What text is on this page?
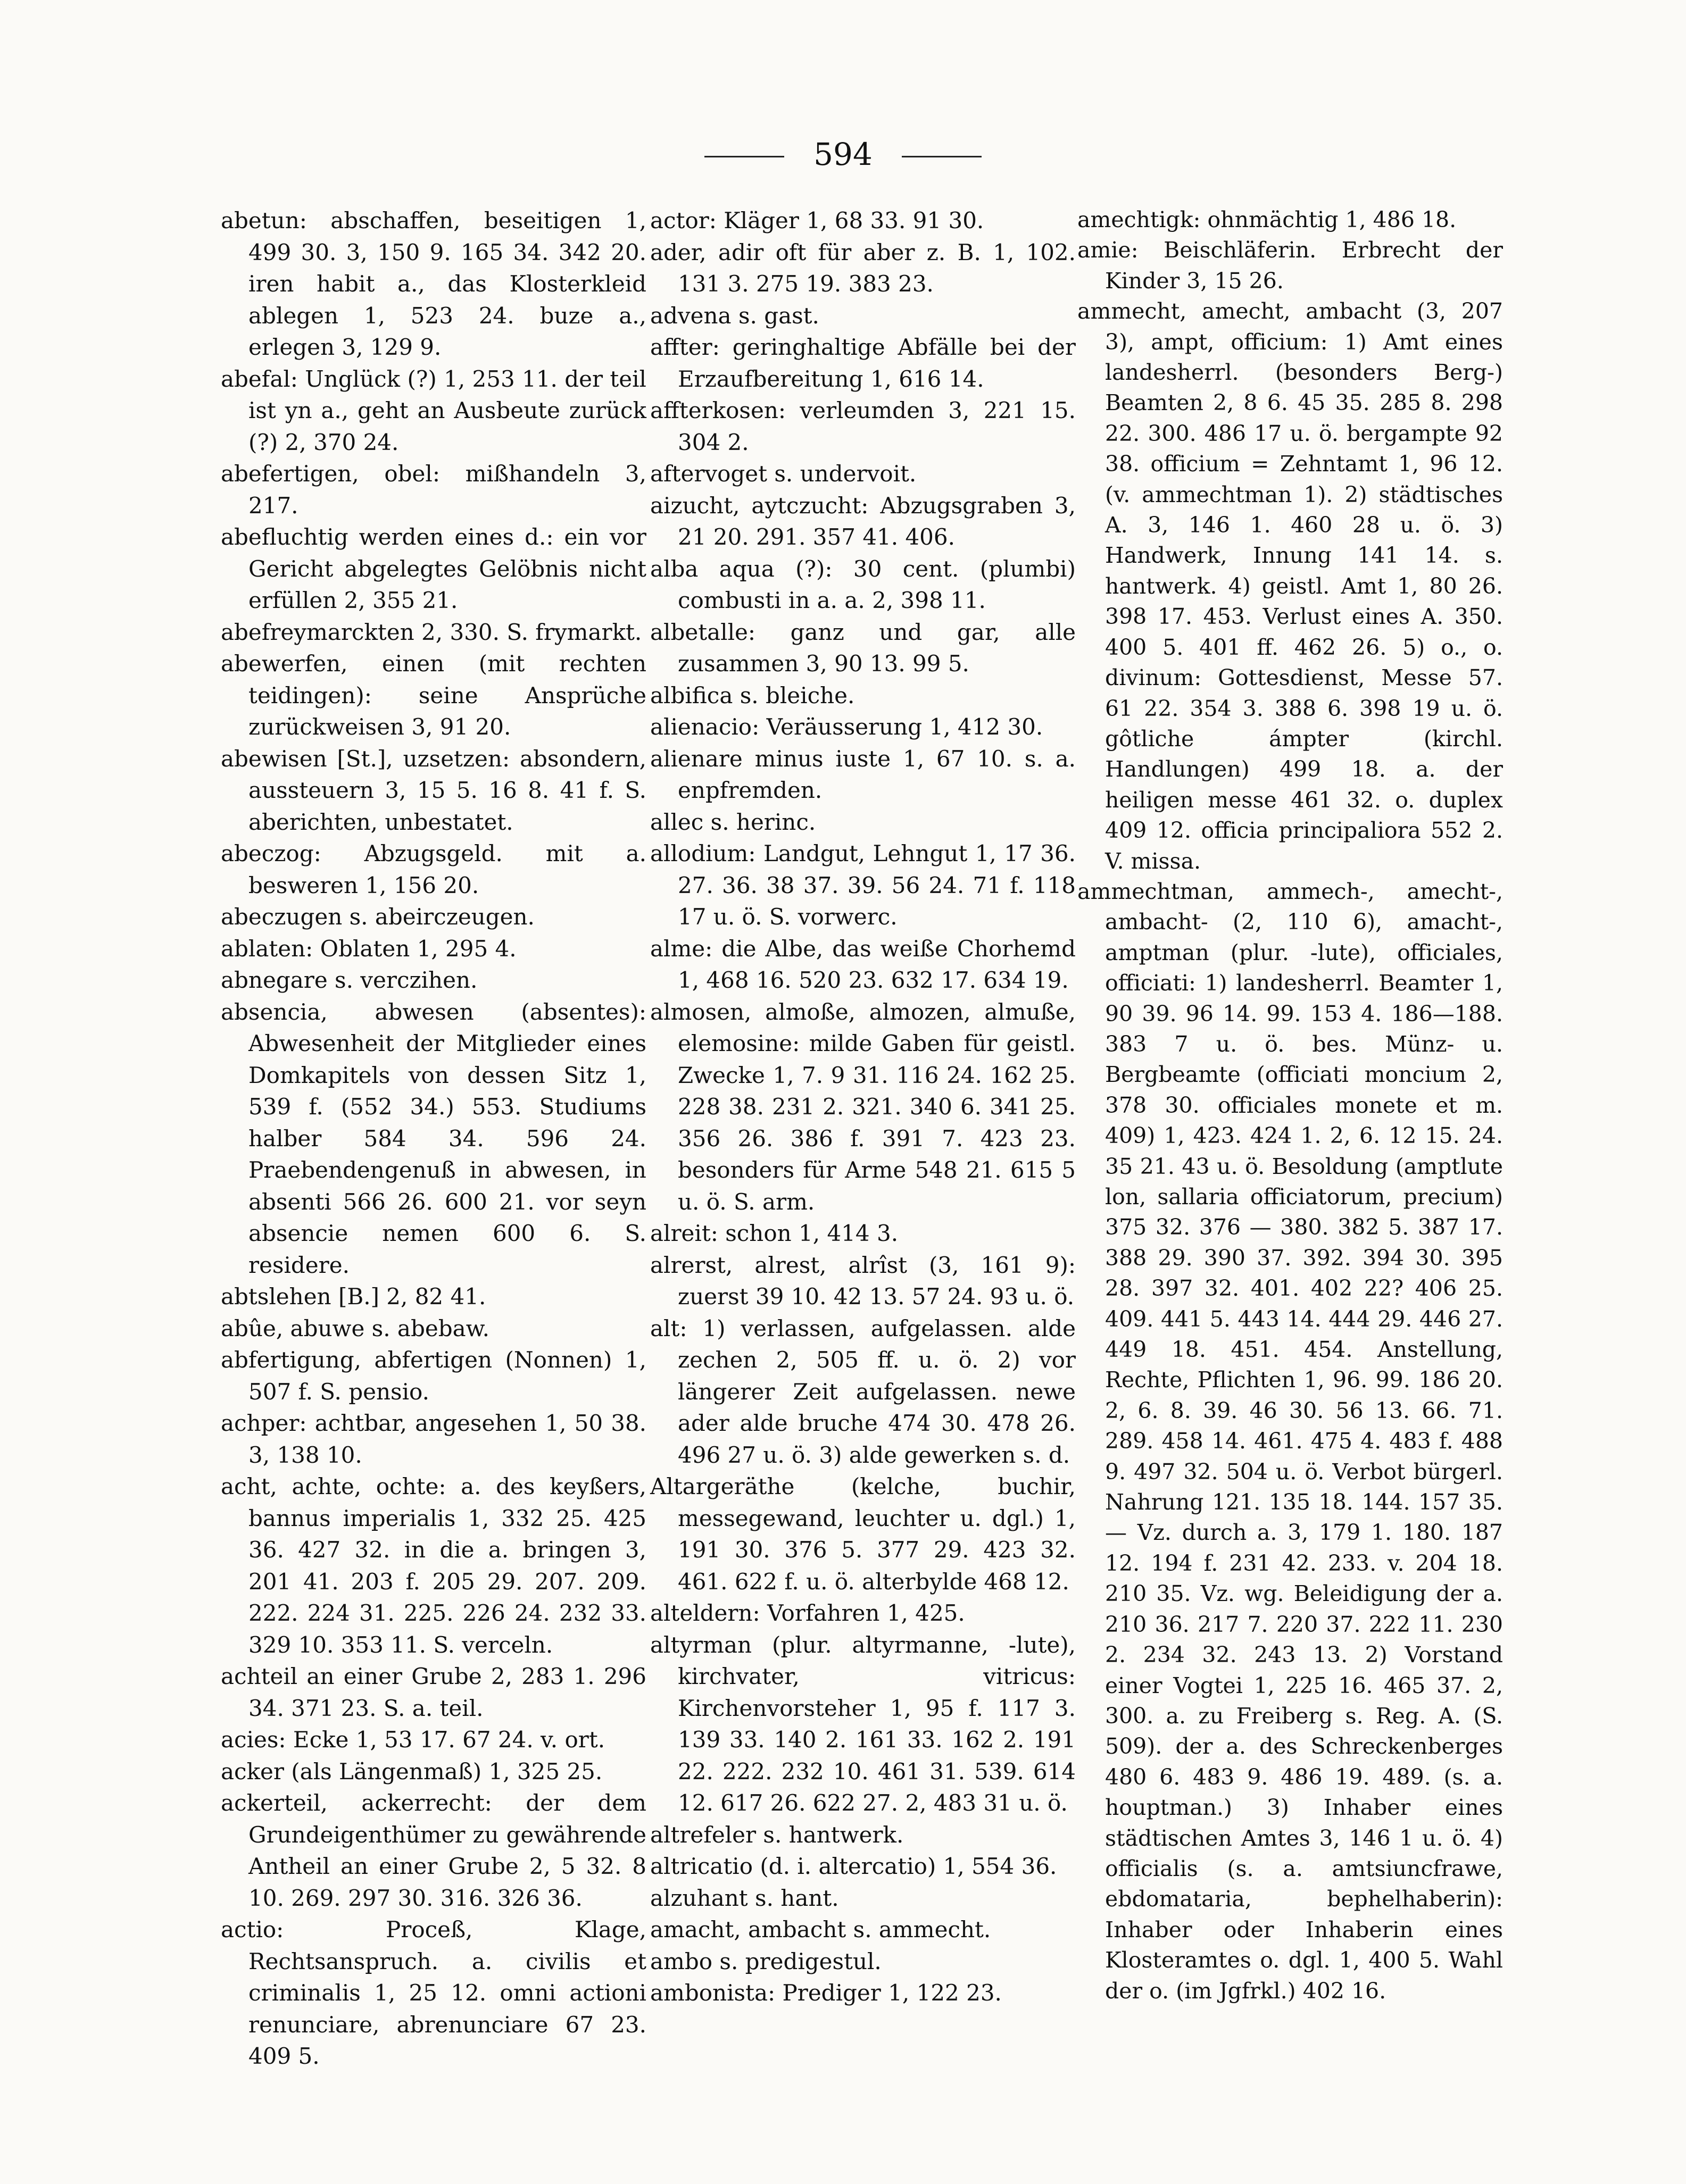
594

abetun: abschaffen, beseitigen 1, 499 30. 3, 150 9. 165 34. 342 20. iren habit a., das Klosterkleid ablegen 1, 523 24. buze a., erlegen 3, 129 9.

abefal: Unglück (?) 1, 253 11. der teil ist yn a., geht an Ausbeute zurück (?) 2, 370 24.

abefertigen, obel: mißhandeln 3, 217.

abefluchtig werden eines d.: ein vor Gericht abgelegtes Gelöbnis nicht erfüllen 2, 355 21.

abefreymarckten 2, 330. S. frymarkt.

abewerfen, einen (mit rechten teidingen): seine Ansprüche zurückweisen 3, 91 20.

abewisen [St.], uzsetzen: absondern, aussteuern 3, 15 5. 16 8. 41 f. S. aberichten, unbestatet.

abeczog: Abzugsgeld. mit a. besweren 1, 156 20.

abeczugen s. abeirczeugen.

ablaten: Oblaten 1, 295 4.

abnegare s. verczihen.

absencia, abwesen (absentes): Abwesenheit der Mitglieder eines Domkapitels von dessen Sitz 1, 539 f. (552 34.) 553. Studiums halber 584 34. 596 24. Praebendengenuß in abwesen, in absenti 566 26. 600 21. vor seyn absencie nemen 600 6. S. residere.

abtslehen [B.] 2, 82 41.

abûe, abuwe s. abebaw.

abfertigung, abfertigen (Nonnen) 1, 507 f. S. pensio.

achper: achtbar, angesehen 1, 50 38. 3, 138 10.

acht, achte, ochte: a. des keyßers, bannus imperialis 1, 332 25. 425 36. 427 32. in die a. bringen 3, 201 41. 203 f. 205 29. 207. 209. 222. 224 31. 225. 226 24. 232 33. 329 10. 353 11. S. verceln.

achteil an einer Grube 2, 283 1. 296 34. 371 23. S. a. teil.

acies: Ecke 1, 53 17. 67 24. v. ort.

acker (als Längenmaß) 1, 325 25.

ackerteil, ackerrecht: der dem Grundeigenthümer zu gewährende Antheil an einer Grube 2, 5 32. 8 10. 269. 297 30. 316. 326 36.

actio: Proceß, Klage, Rechtsanspruch. a. civilis et criminalis 1, 25 12. omni actioni renunciare, abrenunciare 67 23. 409 5.

actor: Kläger 1, 68 33. 91 30.

ader, adir oft für aber z. B. 1, 102. 131 3. 275 19. 383 23.

advena s. gast.

affter: geringhaltige Abfälle bei der Erzaufbereitung 1, 616 14.

affterkosen: verleumden 3, 221 15. 304 2.

aftervoget s. undervoit.

aizucht, aytczucht: Abzugsgraben 3, 21 20. 291. 357 41. 406.

alba aqua (?): 30 cent. (plumbi) combusti in a. a. 2, 398 11.

albetalle: ganz und gar, alle zusammen 3, 90 13. 99 5.

albifica s. bleiche.

alienacio: Veräusserung 1, 412 30.

alienare minus iuste 1, 67 10. s. a. enpfremden.

allec s. herinc.

allodium: Landgut, Lehngut 1, 17 36. 27. 36. 38 37. 39. 56 24. 71 f. 118 17 u. ö. S. vorwerc.

alme: die Albe, das weiße Chorhemd 1, 468 16. 520 23. 632 17. 634 19.

almosen, almoße, almozen, almuße, elemosine: milde Gaben für geistl. Zwecke 1, 7. 9 31. 116 24. 162 25. 228 38. 231 2. 321. 340 6. 341 25. 356 26. 386 f. 391 7. 423 23. besonders für Arme 548 21. 615 5 u. ö. S. arm.

alreit: schon 1, 414 3.

alrerst, alrest, alrîst (3, 161 9): zuerst 39 10. 42 13. 57 24. 93 u. ö.

alt: 1) verlassen, aufgelassen. alde zechen 2, 505 ff. u. ö. 2) vor längerer Zeit aufgelassen. newe ader alde bruche 474 30. 478 26. 496 27 u. ö. 3) alde gewerken s. d.

Altargeräthe (kelche, buchir, messegewand, leuchter u. dgl.) 1, 191 30. 376 5. 377 29. 423 32. 461. 622 f. u. ö. alterbylde 468 12.

alteldern: Vorfahren 1, 425.

altyrman (plur. altyrmanne, -lute), kirchvater, vitricus: Kirchenvorsteher 1, 95 f. 117 3. 139 33. 140 2. 161 33. 162 2. 191 22. 222. 232 10. 461 31. 539. 614 12. 617 26. 622 27. 2, 483 31 u. ö.

altrefeler s. hantwerk.

altricatio (d. i. altercatio) 1, 554 36.

alzuhant s. hant.

amacht, ambacht s. ammecht.

ambo s. predigestul.

ambonista: Prediger 1, 122 23.

amechtigk: ohnmächtig 1, 486 18.

amie: Beischläferin. Erbrecht der Kinder 3, 15 26.

ammecht, amecht, ambacht (3, 207 3), ampt, officium: 1) Amt eines landesherrl. (besonders Berg-) Beamten 2, 8 6. 45 35. 285 8. 298 22. 300. 486 17 u. ö. bergampte 92 38. officium = Zehntamt 1, 96 12. (v. ammechtman 1). 2) städtisches A. 3, 146 1. 460 28 u. ö. 3) Handwerk, Innung 141 14. s. hantwerk. 4) geistl. Amt 1, 80 26. 398 17. 453. Verlust eines A. 350. 400 5. 401 ff. 462 26. 5) o., o. divinum: Gottesdienst, Messe 57. 61 22. 354 3. 388 6. 398 19 u. ö. gôtliche ámpter (kirchl. Handlungen) 499 18. a. der heiligen messe 461 32. o. duplex 409 12. officia principaliora 552 2. V. missa.

ammechtman, ammech-, amecht-, ambacht- (2, 110 6), amacht-, amptman (plur. -lute), officiales, officiati: 1) landesherrl. Beamter 1, 90 39. 96 14. 99. 153 4. 186—188. 383 7 u. ö. bes. Münz- u. Bergbeamte (officiati moncium 2, 378 30. officiales monete et m. 409) 1, 423. 424 1. 2, 6. 12 15. 24. 35 21. 43 u. ö. Besoldung (amptlute lon, sallaria officiatorum, precium) 375 32. 376 — 380. 382 5. 387 17. 388 29. 390 37. 392. 394 30. 395 28. 397 32. 401. 402 22? 406 25. 409. 441 5. 443 14. 444 29. 446 27. 449 18. 451. 454. Anstellung, Rechte, Pflichten 1, 96. 99. 186 20. 2, 6. 8. 39. 46 30. 56 13. 66. 71. 289. 458 14. 461. 475 4. 483 f. 488 9. 497 32. 504 u. ö. Verbot bürgerl. Nahrung 121. 135 18. 144. 157 35. — Vz. durch a. 3, 179 1. 180. 187 12. 194 f. 231 42. 233. v. 204 18. 210 35. Vz. wg. Beleidigung der a. 210 36. 217 7. 220 37. 222 11. 230 2. 234 32. 243 13. 2) Vorstand einer Vogtei 1, 225 16. 465 37. 2, 300. a. zu Freiberg s. Reg. A. (S. 509). der a. des Schreckenberges 480 6. 483 9. 486 19. 489. (s. a. houptman.) 3) Inhaber eines städtischen Amtes 3, 146 1 u. ö. 4) officialis (s. a. amtsiuncfrawe, ebdomataria, bephelhaberin): Inhaber oder Inhaberin eines Klosteramtes o. dgl. 1, 400 5. Wahl der o. (im Jgfrkl.) 402 16.
